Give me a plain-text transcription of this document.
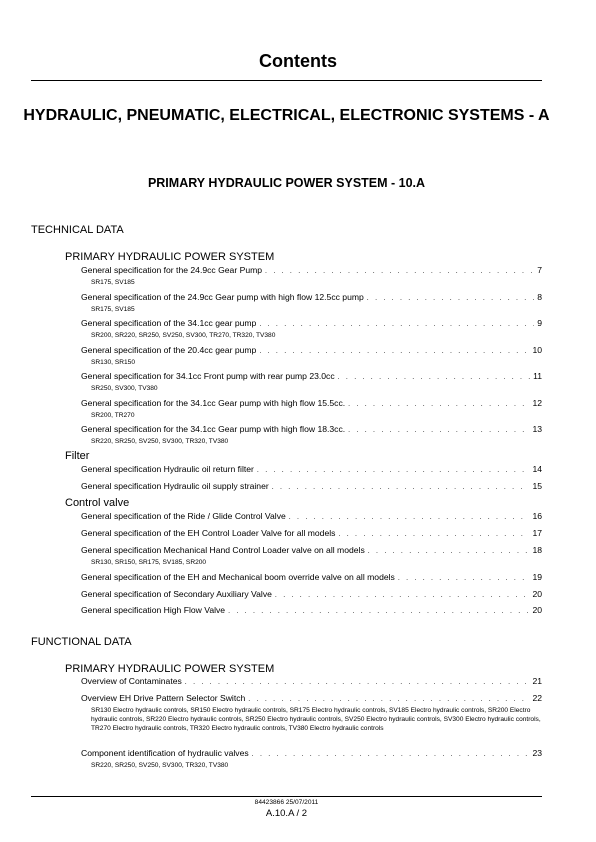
Contents
HYDRAULIC, PNEUMATIC, ELECTRICAL, ELECTRONIC SYSTEMS - A
PRIMARY HYDRAULIC POWER SYSTEM - 10.A
TECHNICAL DATA
PRIMARY HYDRAULIC POWER SYSTEM
General specification for the 24.9cc Gear Pump . . .	7
SR175, SV185
General specification of the 24.9cc Gear pump with high flow 12.5cc pump . . .	8
SR175, SV185
General specification of the 34.1cc gear pump . . .	9
SR200, SR220, SR250, SV250, SV300, TR270, TR320, TV380
General specification of the 20.4cc gear pump . . .	10
SR130, SR150
General specification for 34.1cc Front pump with rear pump 23.0cc . . .	11
SR250, SV300, TV380
General specification for the 34.1cc Gear pump with high flow 15.5cc. . . .	12
SR200, TR270
General specification for the 34.1cc Gear pump with high flow 18.3cc. . . .	13
SR220, SR250, SV250, SV300, TR320, TV380
Filter
General specification Hydraulic oil return filter . . .	14
General specification Hydraulic oil supply strainer . . .	15
Control valve
General specification of the Ride / Glide Control Valve . . .	16
General specification of the EH Control Loader Valve for all models . . .	17
General specification Mechanical Hand Control Loader valve on all models . . .	18
SR130, SR150, SR175, SV185, SR200
General specification of the EH and Mechanical boom override valve on all models . . .	19
General specification of Secondary Auxiliary Valve . . .	20
General specification High Flow Valve . . .	20
FUNCTIONAL DATA
PRIMARY HYDRAULIC POWER SYSTEM
Overview of Contaminates . . .	21
Overview EH Drive Pattern Selector Switch . . .	22
SR130 Electro hydraulic controls, SR150 Electro hydraulic controls, SR175 Electro hydraulic controls, SV185 Electro hydraulic controls, SR200 Electro hydraulic controls, SR220 Electro hydraulic controls, SR250 Electro hydraulic controls, SV250 Electro hydraulic controls, SV300 Electro hydraulic controls, TR270 Electro hydraulic controls, TR320 Electro hydraulic controls, TV380 Electro hydraulic controls
Component identification of hydraulic valves . . .	23
SR220, SR250, SV250, SV300, TR320, TV380
84423866 25/07/2011
A.10.A / 2
